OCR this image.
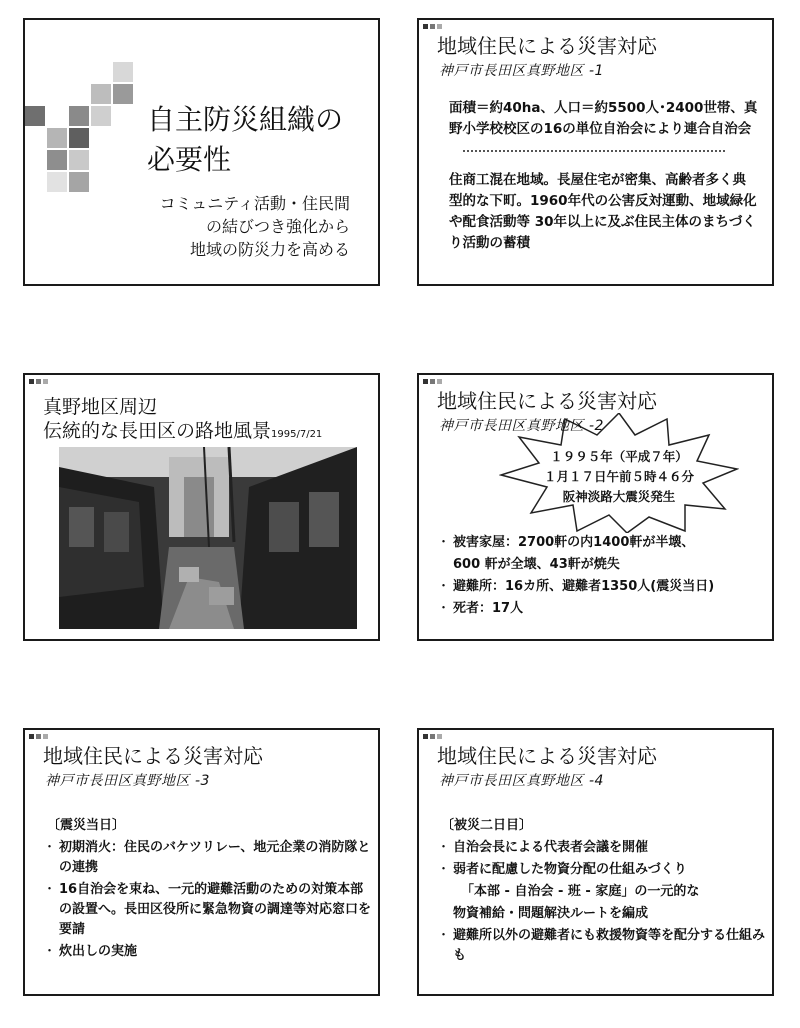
自主防災組織の
必要性
コミュニティ活動・住民間
の結びつき強化から
地域の防災力を高める
地域住民による災害対応
神戸市長田区真野地区 -1
面積＝約40ha、人口＝約5500人･2400世帯、真野小学校校区の16の単位自治会により連合自治会
住商工混在地域。長屋住宅が密集、高齢者多く典型的な下町。1960年代の公害反対運動、地域緑化や配食活動等 30年以上に及ぶ住民主体のまちづくり活動の蓄積
真野地区周辺
伝統的な長田区の路地風景1995/7/21
地域住民による災害対応
神戸市長田区真野地区 -2
１９９５年（平成７年）
１月１７日午前５時４６分
阪神淡路大震災発生
・ 被害家屋：2700軒の内1400軒が半壊、
600 軒が全壊、43軒が焼失
・ 避難所：16カ所、避難者1350人(震災当日)
・ 死者：17人
地域住民による災害対応
神戸市長田区真野地区 -3
〔震災当日〕
・ 初期消火：住民のバケツリレー、地元企業の消防隊との連携
・ 16自治会を束ね、一元的避難活動のための対策本部の設置へ。長田区役所に緊急物資の調達等対応窓口を要請
・ 炊出しの実施
地域住民による災害対応
神戸市長田区真野地区 -4
〔被災二日目〕
・ 自治会長による代表者会議を開催
・ 弱者に配慮した物資分配の仕組みづくり
「本部 - 自治会 - 班 - 家庭」の一元的な
物資補給・問題解決ルートを編成
・ 避難所以外の避難者にも救援物資等を配分する仕組みも
